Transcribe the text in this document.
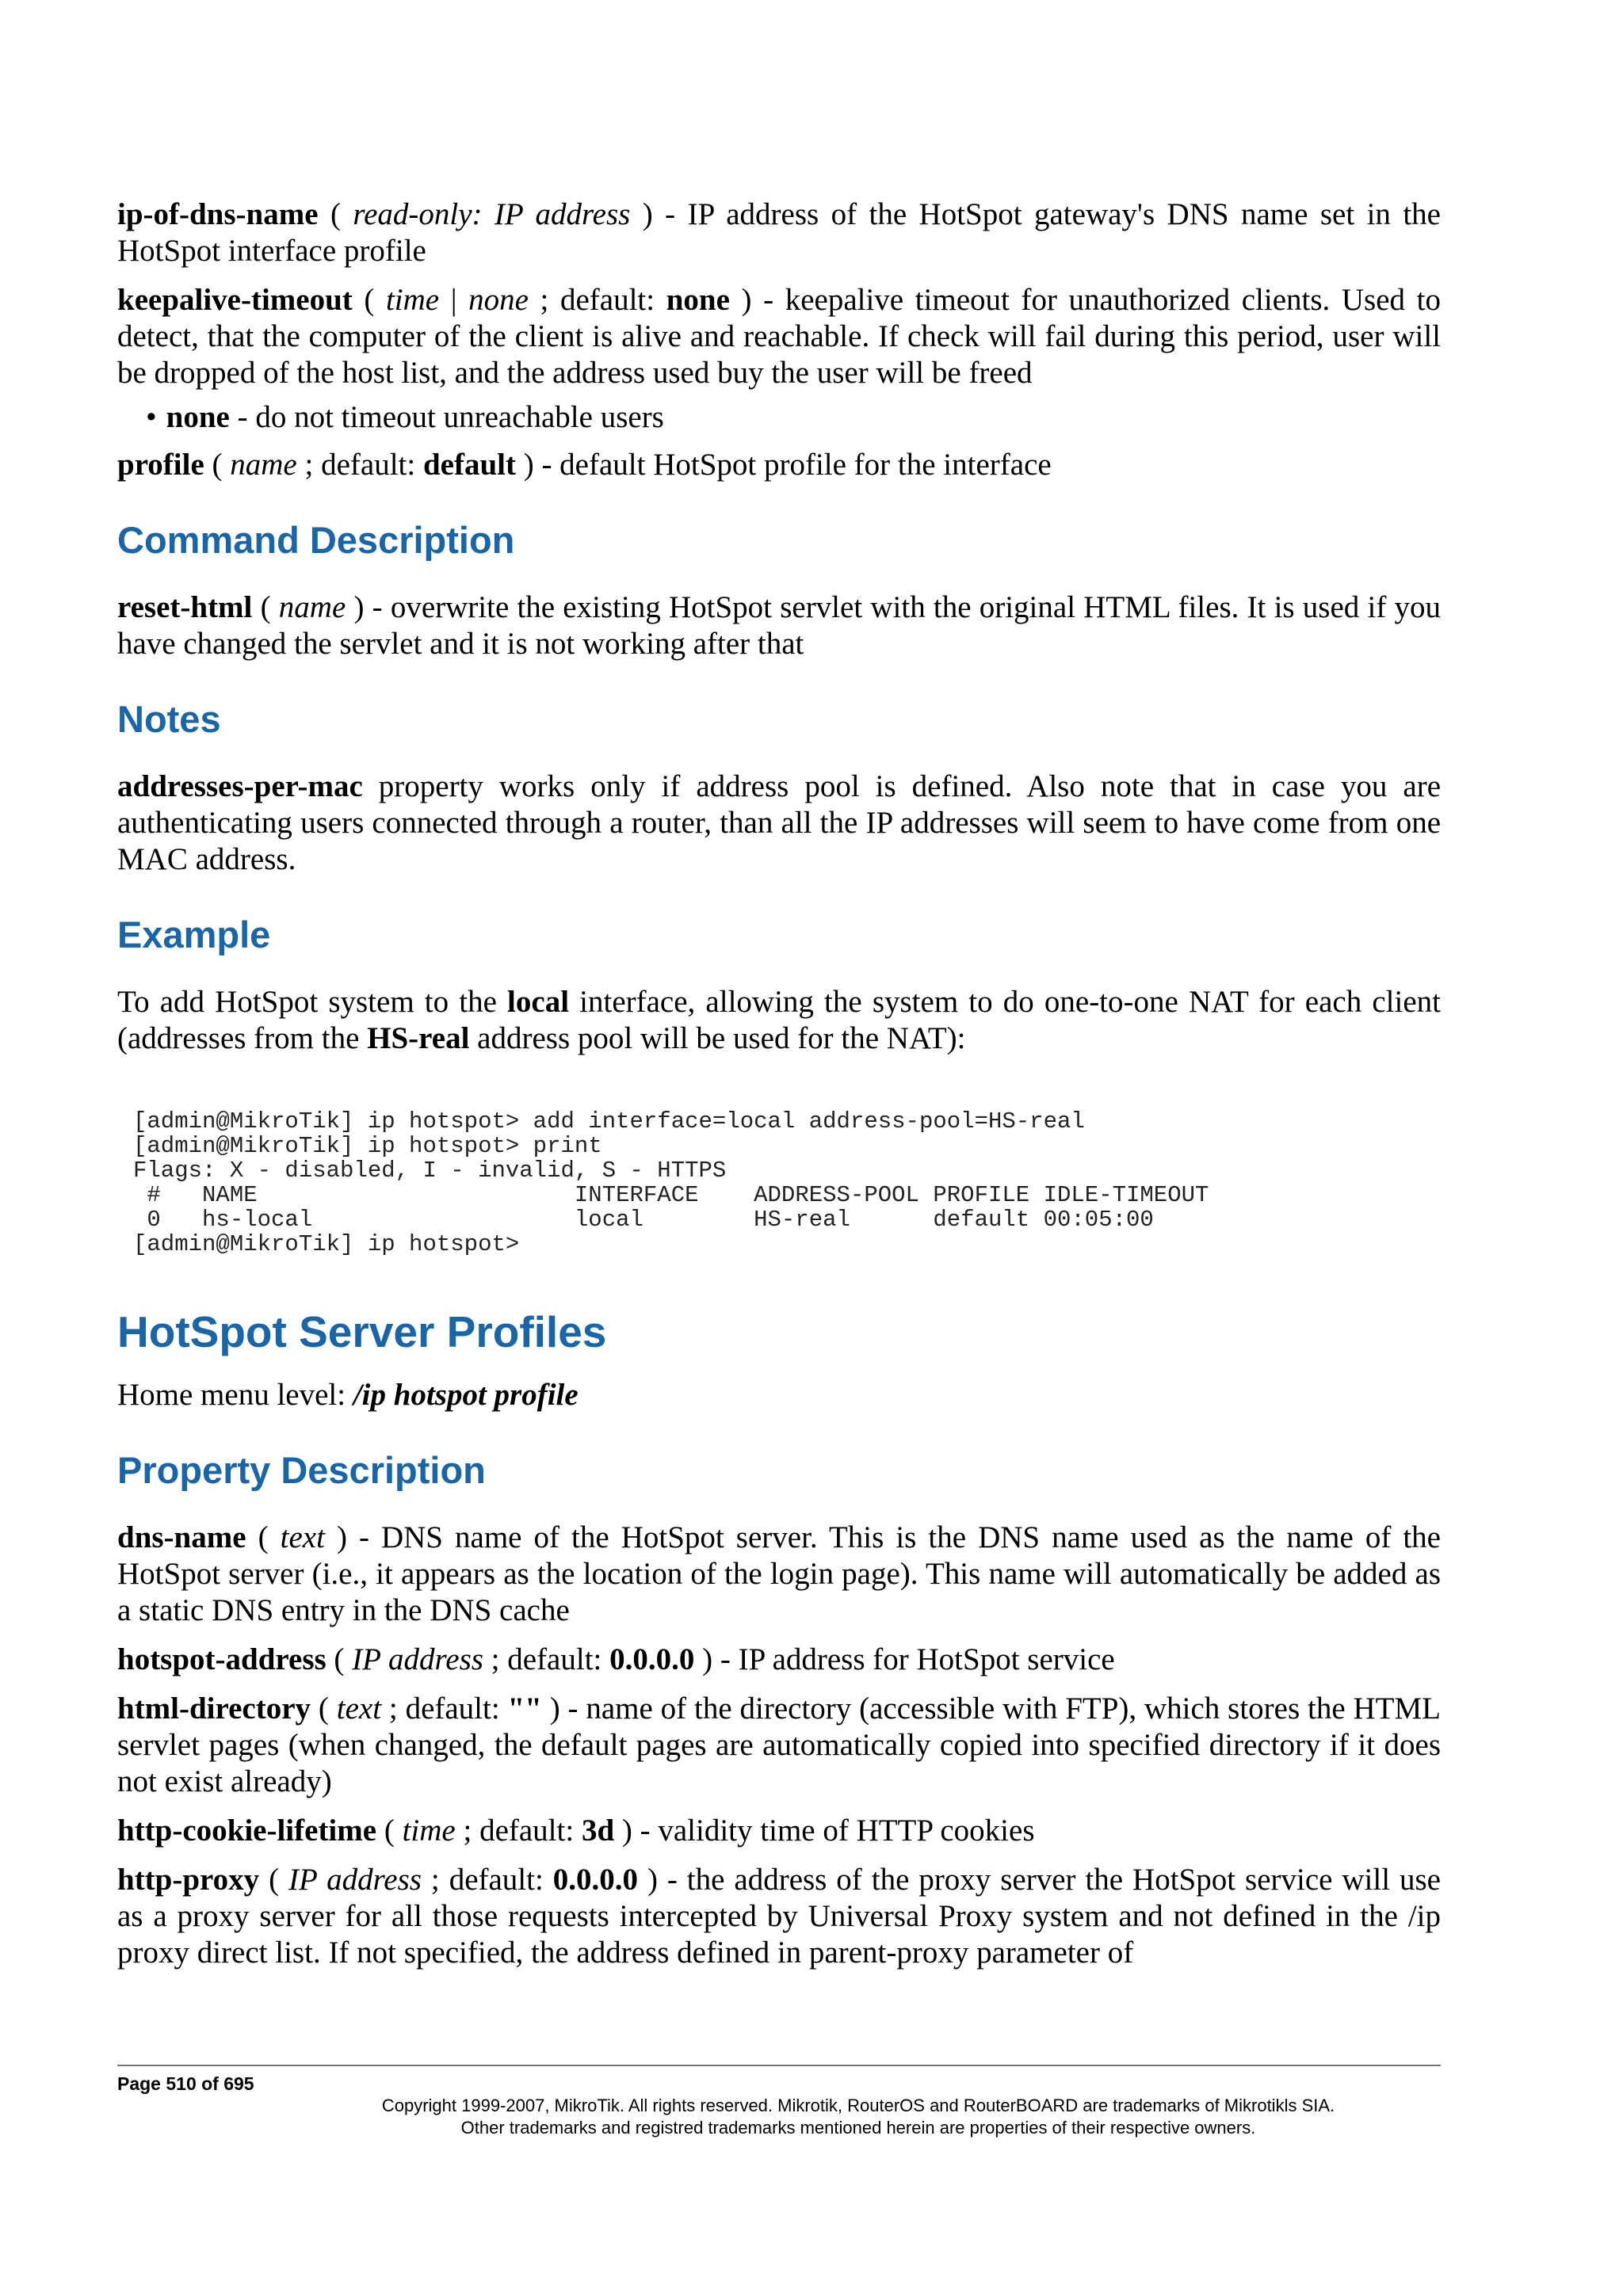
ip-of-dns-name ( read-only: IP address ) - IP address of the HotSpot gateway's DNS name set in the HotSpot interface profile

keepalive-timeout ( time | none ; default: none ) - keepalive timeout for unauthorized clients. Used to detect, that the computer of the client is alive and reachable. If check will fail during this period, user will be dropped of the host list, and the address used buy the user will be freed

• none - do not timeout unreachable users

profile ( name ; default: default ) - default HotSpot profile for the interface

Command Description

reset-html ( name ) - overwrite the existing HotSpot servlet with the original HTML files. It is used if you have changed the servlet and it is not working after that

Notes

addresses-per-mac property works only if address pool is defined. Also note that in case you are authenticating users connected through a router, than all the IP addresses will seem to have come from one MAC address.

Example

To add HotSpot system to the local interface, allowing the system to do one-to-one NAT for each client (addresses from the HS-real address pool will be used for the NAT):

[admin@MikroTik] ip hotspot> add interface=local address-pool=HS-real
[admin@MikroTik] ip hotspot> print
Flags: X - disabled, I - invalid, S - HTTPS
#   NAME                       INTERFACE    ADDRESS-POOL PROFILE IDLE-TIMEOUT
0   hs-local                   local        HS-real      default 00:05:00
[admin@MikroTik] ip hotspot>
HotSpot Server Profiles

Home menu level: /ip hotspot profile

Property Description

dns-name ( text ) - DNS name of the HotSpot server. This is the DNS name used as the name of the HotSpot server (i.e., it appears as the location of the login page). This name will automatically be added as a static DNS entry in the DNS cache

hotspot-address ( IP address ; default: 0.0.0.0 ) - IP address for HotSpot service

html-directory ( text ; default: "" ) - name of the directory (accessible with FTP), which stores the HTML servlet pages (when changed, the default pages are automatically copied into specified directory if it does not exist already)

http-cookie-lifetime ( time ; default: 3d ) - validity time of HTTP cookies

http-proxy ( IP address ; default: 0.0.0.0 ) - the address of the proxy server the HotSpot service will use as a proxy server for all those requests intercepted by Universal Proxy system and not defined in the /ip proxy direct list. If not specified, the address defined in parent-proxy parameter of

Page 510 of 695
Copyright 1999-2007, MikroTik. All rights reserved. Mikrotik, RouterOS and RouterBOARD are trademarks of Mikrotikls SIA.
Other trademarks and registred trademarks mentioned herein are properties of their respective owners.
